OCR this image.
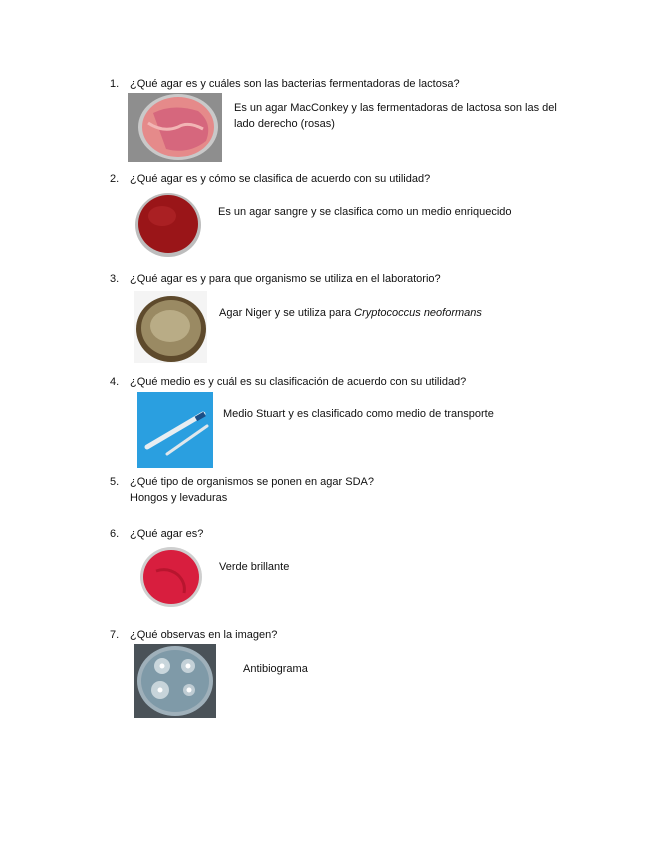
1. ¿Qué agar es y cuáles son las bacterias fermentadoras de lactosa?
Es un agar MacConkey y las fermentadoras de lactosa son las del lado derecho (rosas)
2. ¿Qué agar es y cómo se clasifica de acuerdo con su utilidad?
Es un agar sangre y se clasifica como un medio enriquecido
3. ¿Qué agar es y para que organismo se utiliza en el laboratorio?
Agar Niger y se utiliza para Cryptococcus neoformans
4. ¿Qué medio es y cuál es su clasificación de acuerdo con su utilidad?
Medio Stuart y es clasificado como medio de transporte
5. ¿Qué tipo de organismos se ponen en agar SDA?
Hongos y levaduras
6. ¿Qué agar es?
Verde brillante
7. ¿Qué observas en la imagen?
Antibiograma
